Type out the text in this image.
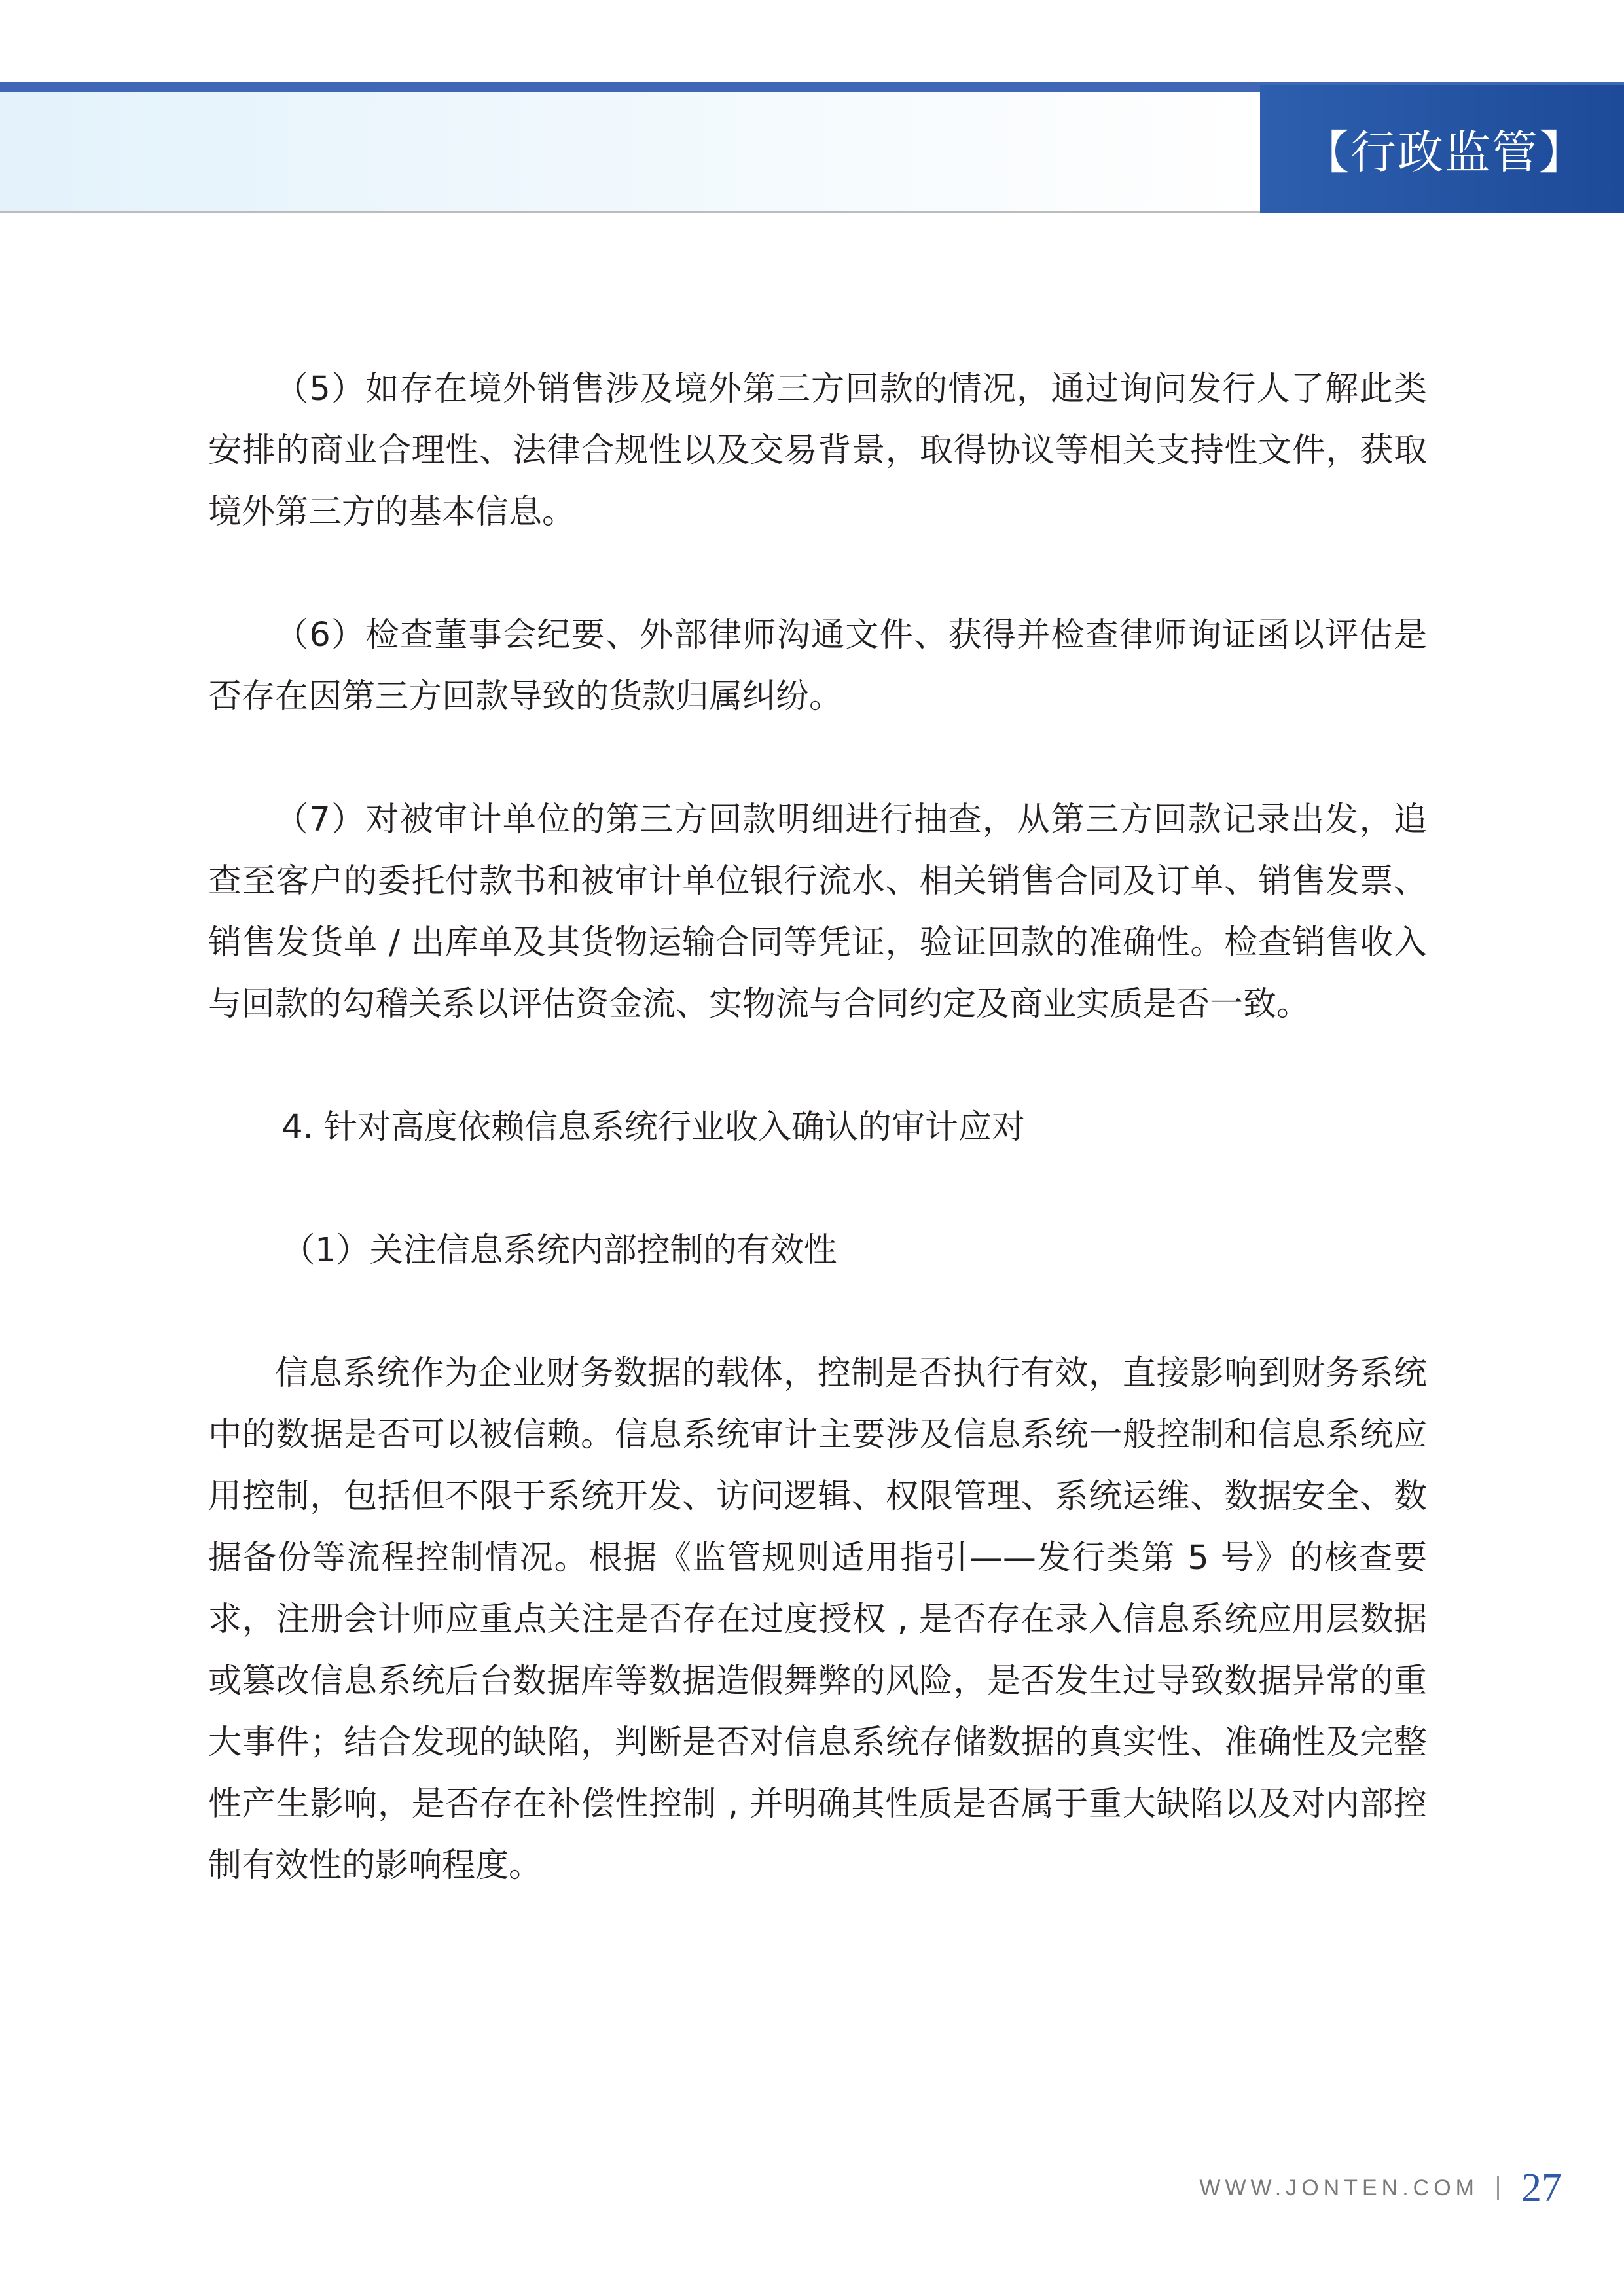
【行政监管】

（5）如存在境外销售涉及境外第三方回款的情况，通过询问发行人了解此类安排的商业合理性、法律合规性以及交易背景，取得协议等相关支持性文件，获取境外第三方的基本信息。

（6）检查董事会纪要、外部律师沟通文件、获得并检查律师询证函以评估是否存在因第三方回款导致的货款归属纠纷。

（7）对被审计单位的第三方回款明细进行抽查，从第三方回款记录出发，追查至客户的委托付款书和被审计单位银行流水、相关销售合同及订单、销售发票、销售发货单 / 出库单及其货物运输合同等凭证，验证回款的准确性。检查销售收入与回款的勾稽关系以评估资金流、实物流与合同约定及商业实质是否一致。

4. 针对高度依赖信息系统行业收入确认的审计应对

（1）关注信息系统内部控制的有效性

信息系统作为企业财务数据的载体，控制是否执行有效，直接影响到财务系统中的数据是否可以被信赖。信息系统审计主要涉及信息系统一般控制和信息系统应用控制，包括但不限于系统开发、访问逻辑、权限管理、系统运维、数据安全、数据备份等流程控制情况。根据《监管规则适用指引——发行类第 5 号》的核查要求，注册会计师应重点关注是否存在过度授权 , 是否存在录入信息系统应用层数据或篡改信息系统后台数据库等数据造假舞弊的风险，是否发生过导致数据异常的重大事件；结合发现的缺陷，判断是否对信息系统存储数据的真实性、准确性及完整性产生影响，是否存在补偿性控制 , 并明确其性质是否属于重大缺陷以及对内部控制有效性的影响程度。

WWW.JONTEN.COM 27
